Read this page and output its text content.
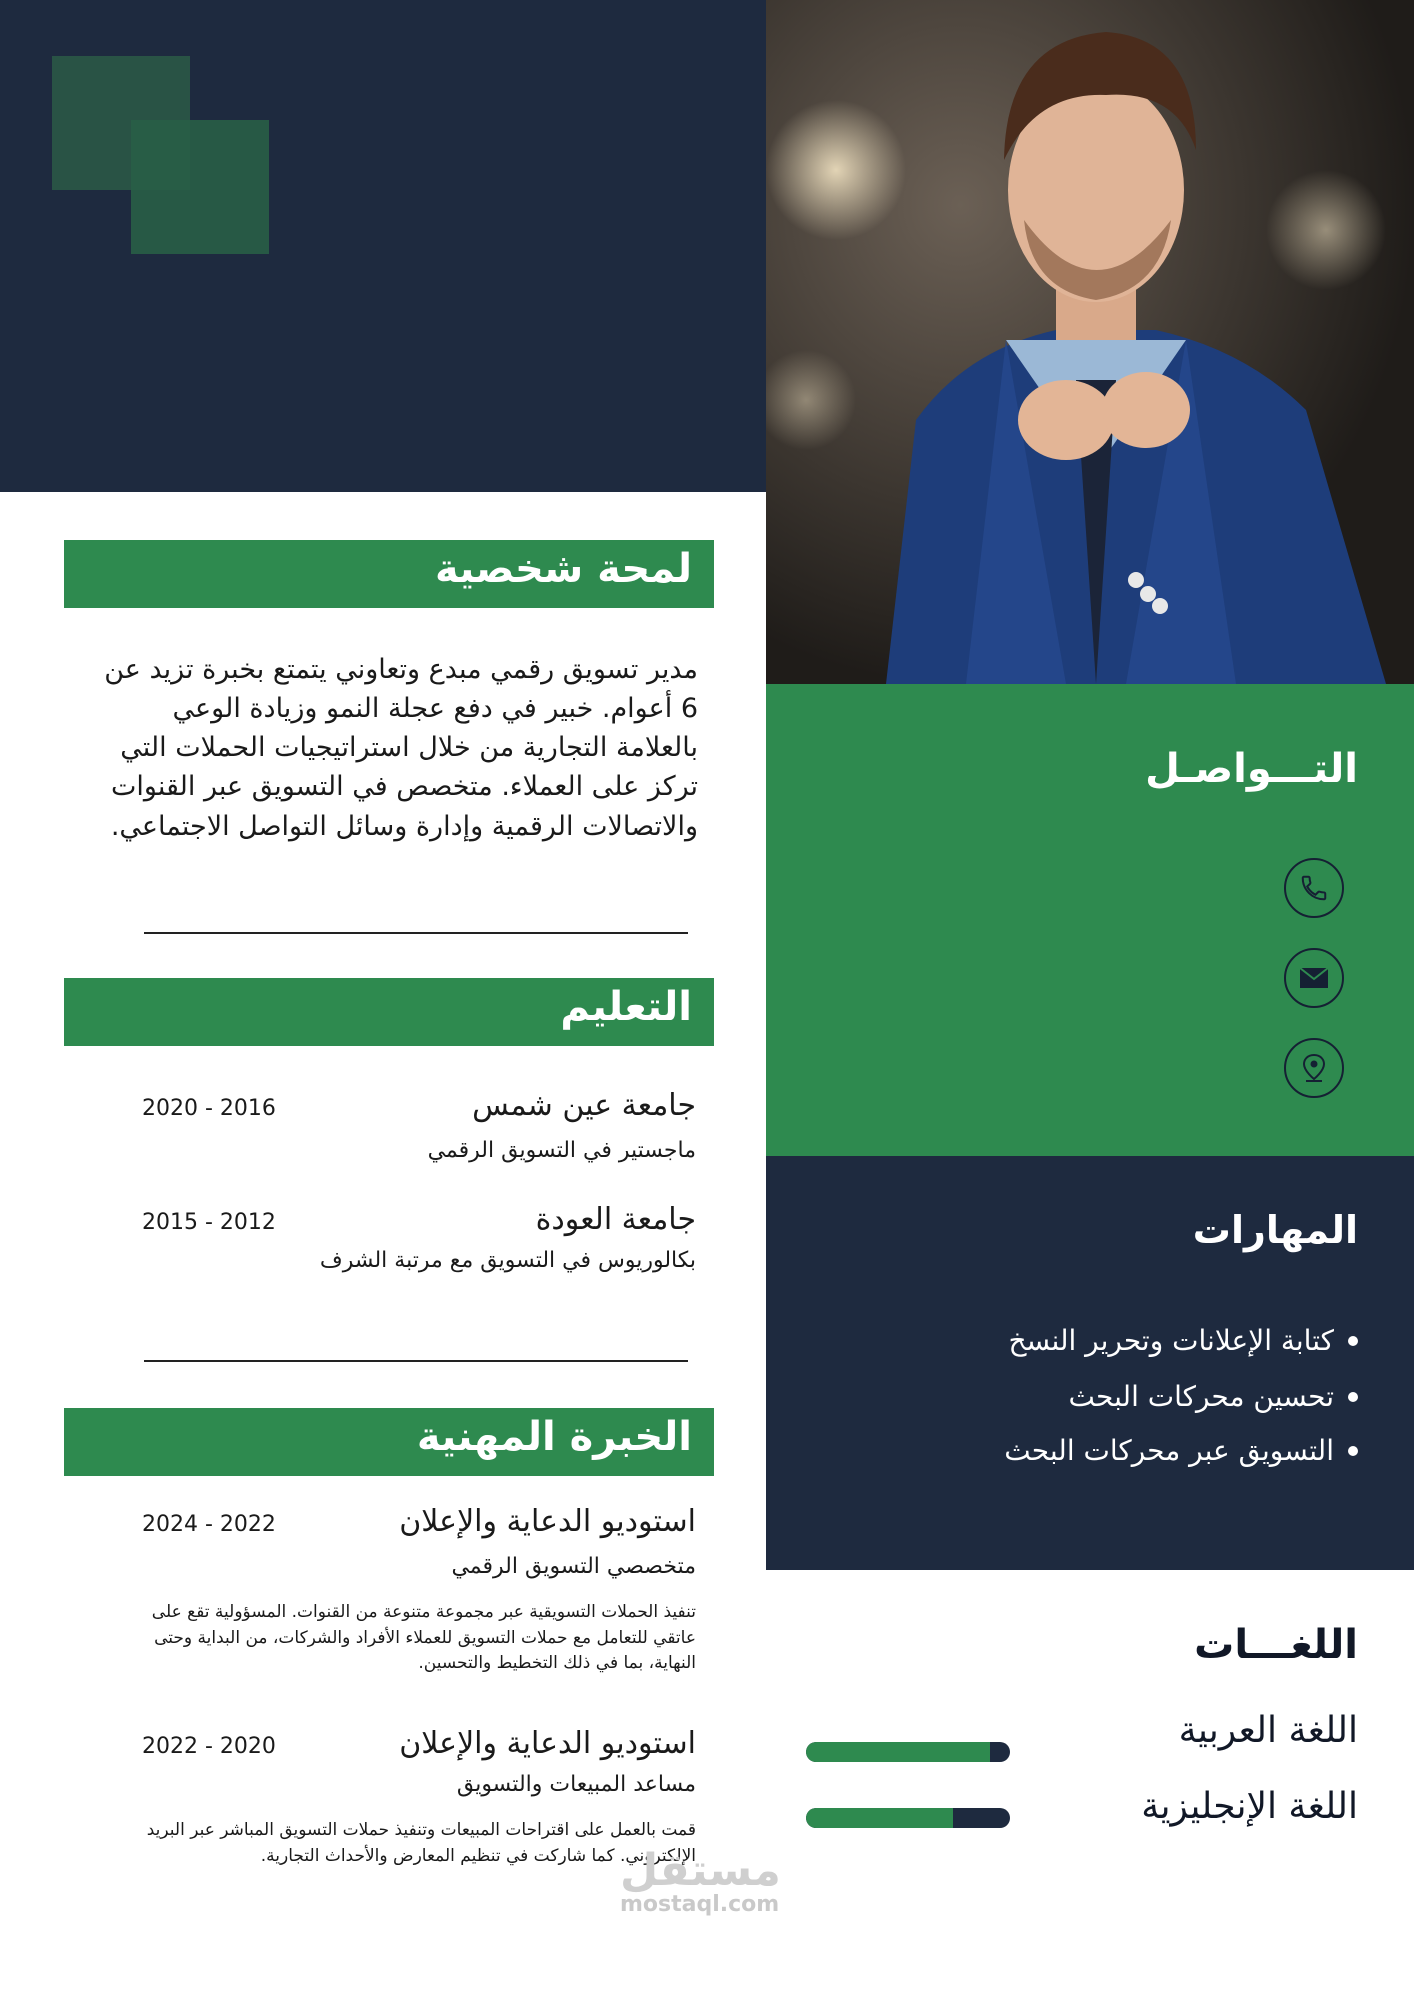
التـــواصـل
المهارات
كتابة الإعلانات وتحرير النسخ
تحسين محركات البحث
التسويق عبر محركات البحث
اللغـــات
اللغة العربية
اللغة الإنجليزية
لمحة شخصية
مدير تسويق رقمي مبدع وتعاوني يتمتع بخبرة تزيد عن 6 أعوام. خبير في دفع عجلة النمو وزيادة الوعي بالعلامة التجارية من خلال استراتيجيات الحملات التي تركز على العملاء. متخصص في التسويق عبر القنوات والاتصالات الرقمية وإدارة وسائل التواصل الاجتماعي.
التعليم
جامعة عين شمس
2020 - 2016
ماجستير في التسويق الرقمي
جامعة العودة
2015 - 2012
بكالوريوس في التسويق مع مرتبة الشرف
الخبرة المهنية
استوديو الدعاية والإعلان
2024 - 2022
متخصصي التسويق الرقمي
تنفيذ الحملات التسويقية عبر مجموعة متنوعة من القنوات. المسؤولية تقع على عاتقي للتعامل مع حملات التسويق للعملاء الأفراد والشركات، من البداية وحتى النهاية، بما في ذلك التخطيط والتحسين.
استوديو الدعاية والإعلان
2022 - 2020
مساعد المبيعات والتسويق
قمت بالعمل على اقتراحات المبيعات وتنفيذ حملات التسويق المباشر عبر البريد الإلكتروني. كما شاركت في تنظيم المعارض والأحداث التجارية.
مستقل
mostaql.com
